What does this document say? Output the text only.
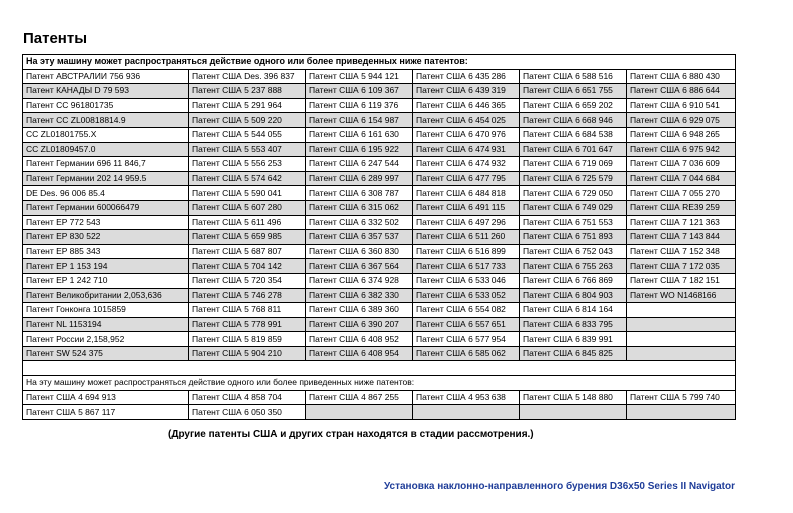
Патенты
На эту машину может распространяться действие одного или более приведенных ниже патентов:					
Патент АВСТРАЛИИ 756 936	Патент США Des. 396 837	Патент США 5 944 121	Патент США 6 435 286	Патент США 6 588 516	Патент США 6 880 430
Патент КАНАДЫ D 79 593	Патент США 5 237 888	Патент США 6 109 367	Патент США 6 439 319	Патент США 6 651 755	Патент США 6 886 644
Патент CC 961801735	Патент США 5 291 964	Патент США 6 119 376	Патент США 6 446 365	Патент США 6 659 202	Патент США 6 910 541
Патент CC ZL00818814.9	Патент США 5 509 220	Патент США 6 154 987	Патент США 6 454 025	Патент США 6 668 946	Патент США 6 929 075
CC ZL01801755.X	Патент США 5 544 055	Патент США 6 161 630	Патент США 6 470 976	Патент США 6 684 538	Патент США 6 948 265
CC ZL01809457.0	Патент США 5 553 407	Патент США 6 195 922	Патент США 6 474 931	Патент США 6 701 647	Патент США 6 975 942
Патент Германии 696 11 846,7	Патент США 5 556 253	Патент США 6 247 544	Патент США 6 474 932	Патент США 6 719 069	Патент США 7 036 609
Патент Германии 202 14 959.5	Патент США 5 574 642	Патент США 6 289 997	Патент США 6 477 795	Патент США 6 725 579	Патент США 7 044 684
DE Des. 96 006 85.4	Патент США 5 590 041	Патент США 6 308 787	Патент США 6 484 818	Патент США 6 729 050	Патент США 7 055 270
Патент Германии 600066479	Патент США 5 607 280	Патент США 6 315 062	Патент США 6 491 115	Патент США 6 749 029	Патент США RE39 259
Патент EP 772 543	Патент США 5 611 496	Патент США 6 332 502	Патент США 6 497 296	Патент США 6 751 553	Патент США 7 121 363
Патент EP 830 522	Патент США 5 659 985	Патент США 6 357 537	Патент США 6 511 260	Патент США 6 751 893	Патент США 7 143 844
Патент EP 885 343	Патент США 5 687 807	Патент США 6 360 830	Патент США 6 516 899	Патент США 6 752 043	Патент США 7 152 348
Патент EP 1 153 194	Патент США 5 704 142	Патент США 6 367 564	Патент США 6 517 733	Патент США 6 755 263	Патент США 7 172 035
Патент EP 1 242 710	Патент США 5 720 354	Патент США 6 374 928	Патент США 6 533 046	Патент США 6 766 869	Патент США 7 182 151
Патент Великобритании 2,053,636	Патент США 5 746 278	Патент США 6 382 330	Патент США 6 533 052	Патент США 6 804 903	Патент WO N1468166
Патент Гонконга 1015859	Патент США 5 768 811	Патент США 6 389 360	Патент США 6 554 082	Патент США 6 814 164	
Патент NL 1153194	Патент США 5 778 991	Патент США 6 390 207	Патент США 6 557 651	Патент США 6 833 795	
Патент России 2,158,952	Патент США 5 819 859	Патент США 6 408 952	Патент США 6 577 954	Патент США 6 839 991	
Патент SW 524 375	Патент США 5 904 210	Патент США 6 408 954	Патент США 6 585 062	Патент США 6 845 825	

На эту машину может распространяться действие одного или более приведенных ниже патентов:					
Патент США 4 694 913	Патент США 4 858 704	Патент США 4 867 255	Патент США 4 953 638	Патент США 5 148 880	Патент США 5 799 740
Патент США 5 867 117	Патент США 6 050 350				
(Другие патенты США и других стран находятся в стадии рассмотрения.)
Установка наклонно-направленного бурения D36x50 Series II Navigator
